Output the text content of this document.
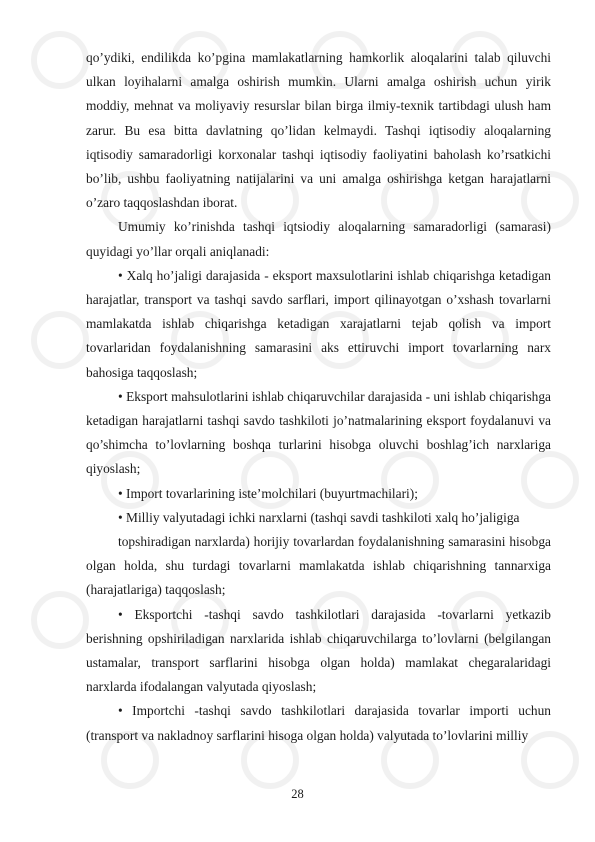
qo’ydiki, endilikda ko’pgina mamlakatlarning hamkorlik aloqalarini talab qiluvchi ulkan loyihalarni amalga oshirish mumkin. Ularni amalga oshirish uchun yirik moddiy, mehnat va moliyaviy resurslar bilan birga ilmiy-texnik tartibdagi ulush ham zarur. Bu esa bitta davlatning qo’lidan kelmaydi. Tashqi iqtisodiy aloqalarning iqtisodiy samaradorligi korxonalar tashqi iqtisodiy faoliyatini baholash ko’rsatkichi bo’lib, ushbu faoliyatning natijalarini va uni amalga oshirishga ketgan harajatlarni o’zaro taqqoslashdan iborat.

Umumiy ko’rinishda tashqi iqtsiodiy aloqalarning samaradorligi (samarasi) quyidagi yo’llar orqali aniqlanadi:

• Xalq ho’jaligi darajasida - eksport maxsulotlarini ishlab chiqarishga ketadigan harajatlar, transport va tashqi savdo sarflari, import qilinayotgan o’xshash tovarlarni mamlakatda ishlab chiqarishga ketadigan xarajatlarni tejab qolish va import tovarlaridan foydalanishning samarasini aks ettiruvchi import tovarlarning narx bahosiga taqqoslash;

• Eksport mahsulotlarini ishlab chiqaruvchilar darajasida - uni ishlab chiqarishga ketadigan harajatlarni tashqi savdo tashkiloti jo’natmalarining eksport foydalanuvi va qo’shimcha to’lovlarning boshqa turlarini hisobga oluvchi boshlag’ich narxlariga qiyoslash;

• Import tovarlarining iste’molchilari (buyurtmachilari);

• Milliy valyutadagi ichki narxlarni (tashqi savdi tashkiloti xalq ho’jaligiga

topshiradigan narxlarda) horijiy tovarlardan foydalanishning samarasini hisobga olgan holda, shu turdagi tovarlarni mamlakatda ishlab chiqarishning tannarxiga (harajatlariga) taqqoslash;

• Eksportchi -tashqi savdo tashkilotlari darajasida -tovarlarni yetkazib berishning opshiriladigan narxlarida ishlab chiqaruvchilarga to’lovlarni (belgilangan ustamalar, transport sarflarini hisobga olgan holda) mamlakat chegaralaridagi narxlarda ifodalangan valyutada qiyoslash;

• Importchi -tashqi savdo tashkilotlari darajasida tovarlar importi uchun (transport va nakladnoy sarflarini hisoga olgan holda) valyutada to’lovlarini milliy

28
